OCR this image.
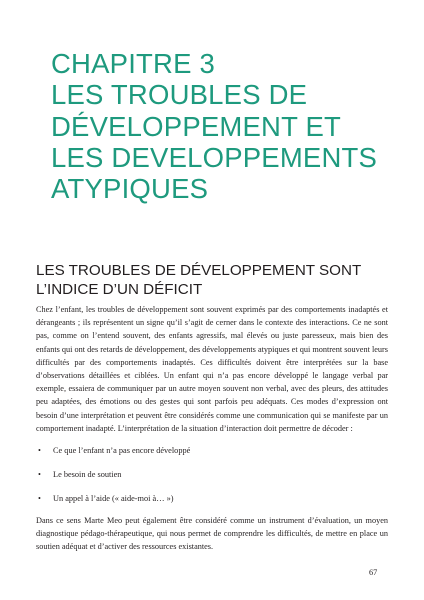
CHAPITRE 3
LES TROUBLES DE
DÉVELOPPEMENT ET
LES DEVELOPPEMENTS
ATYPIQUES
LES TROUBLES DE DÉVELOPPEMENT SONT
L’INDICE D’UN DÉFICIT

Chez l’enfant, les troubles de développement sont souvent exprimés par des comportements inadaptés et dérangeants ; ils représentent un signe qu’il s’agit de cerner dans le contexte des interactions. Ce ne sont pas, comme on l’entend souvent, des enfants agressifs, mal élevés ou juste paresseux, mais bien des enfants qui ont des retards de développement, des développements atypiques et qui montrent souvent leurs difficultés par des comportements inadaptés. Ces difficultés doivent être interprétées sur la base d’observations détaillées et ciblées. Un enfant qui n’a pas encore développé le langage verbal par exemple, essaiera de communiquer par un autre moyen souvent non verbal, avec des pleurs, des attitudes peu adaptées, des émotions ou des gestes qui sont parfois peu adéquats. Ces modes d’expression ont besoin d’une interprétation et peuvent être considérés comme une communication qui se manifeste par un comportement inadapté. L’interprétation de la situation d’interaction doit permettre de décoder :

• Ce que l’enfant n’a pas encore développé
• Le besoin de soutien
• Un appel à l’aide (« aide-moi à… »)

Dans ce sens Marte Meo peut également être considéré comme un instrument d’évaluation, un moyen diagnostique pédago-thérapeutique, qui nous permet de comprendre les difficultés, de mettre en place un soutien adéquat et d’activer des ressources existantes.

67
